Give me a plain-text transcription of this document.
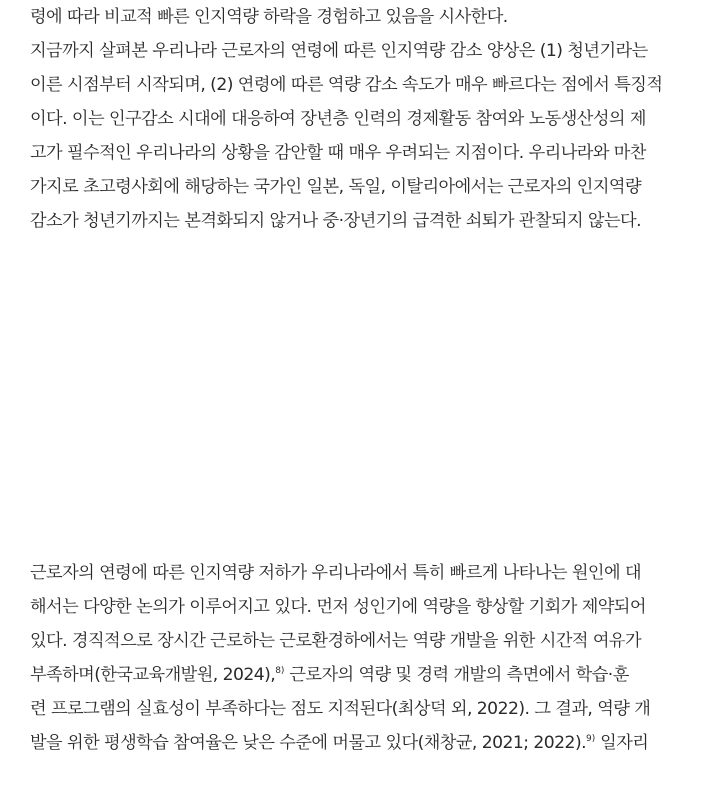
령에 따라 비교적 빠른 인지역량 하락을 경험하고 있음을 시사한다.
지금까지 살펴본 우리나라 근로자의 연령에 따른 인지역량 감소 양상은 (1) 청년기라는
이른 시점부터 시작되며, (2) 연령에 따른 역량 감소 속도가 매우 빠르다는 점에서 특징적
이다. 이는 인구감소 시대에 대응하여 장년층 인력의 경제활동 참여와 노동생산성의 제
고가 필수적인 우리나라의 상황을 감안할 때 매우 우려되는 지점이다. 우리나라와 마찬
가지로 초고령사회에 해당하는 국가인 일본, 독일, 이탈리아에서는 근로자의 인지역량
감소가 청년기까지는 본격화되지 않거나 중·장년기의 급격한 쇠퇴가 관찰되지 않는다.
근로자의 연령에 따른 인지역량 저하가 우리나라에서 특히 빠르게 나타나는 원인에 대
해서는 다양한 논의가 이루어지고 있다. 먼저 성인기에 역량을 향상할 기회가 제약되어
있다. 경직적으로 장시간 근로하는 근로환경하에서는 역량 개발을 위한 시간적 여유가
부족하며(한국교육개발원, 2024),$^{8)}$ 근로자의 역량 및 경력 개발의 측면에서 학습·훈
련 프로그램의 실효성이 부족하다는 점도 지적된다(최상덕 외, 2022). 그 결과, 역량 개
발을 위한 평생학습 참여율은 낮은 수준에 머물고 있다(채창균, 2021; 2022).$^{9)}$ 일자리
